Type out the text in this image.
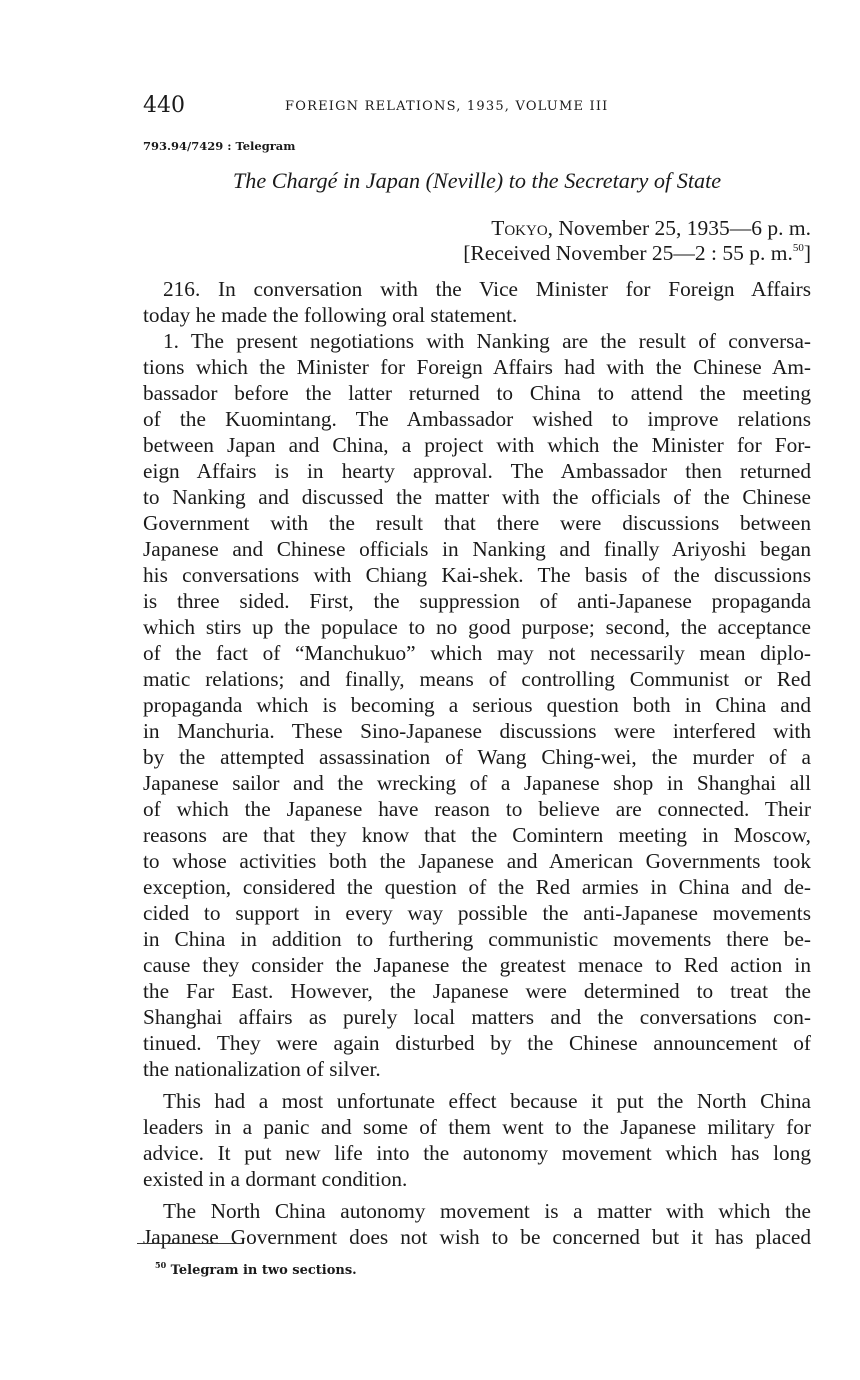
440	FOREIGN RELATIONS, 1935, VOLUME III
793.94/7429 : Telegram
The Chargé in Japan (Neville) to the Secretary of State
Tokyo, November 25, 1935—6 p. m.
[Received November 25—2 : 55 p. m.$^{50}$]
216. In conversation with the Vice Minister for Foreign Affairs
today he made the following oral statement.
1. The present negotiations with Nanking are the result of conversa-
tions which the Minister for Foreign Affairs had with the Chinese Am-
bassador before the latter returned to China to attend the meeting
of the Kuomintang. The Ambassador wished to improve relations
between Japan and China, a project with which the Minister for For-
eign Affairs is in hearty approval. The Ambassador then returned
to Nanking and discussed the matter with the officials of the Chinese
Government with the result that there were discussions between
Japanese and Chinese officials in Nanking and finally Ariyoshi began
his conversations with Chiang Kai-shek. The basis of the discussions
is three sided. First, the suppression of anti-Japanese propaganda
which stirs up the populace to no good purpose; second, the acceptance
of the fact of “Manchukuo” which may not necessarily mean diplo-
matic relations; and finally, means of controlling Communist or Red
propaganda which is becoming a serious question both in China and
in Manchuria. These Sino-Japanese discussions were interfered with
by the attempted assassination of Wang Ching-wei, the murder of a
Japanese sailor and the wrecking of a Japanese shop in Shanghai all
of which the Japanese have reason to believe are connected. Their
reasons are that they know that the Comintern meeting in Moscow,
to whose activities both the Japanese and American Governments took
exception, considered the question of the Red armies in China and de-
cided to support in every way possible the anti-Japanese movements
in China in addition to furthering communistic movements there be-
cause they consider the Japanese the greatest menace to Red action in
the Far East. However, the Japanese were determined to treat the
Shanghai affairs as purely local matters and the conversations con-
tinued. They were again disturbed by the Chinese announcement of
the nationalization of silver.
This had a most unfortunate effect because it put the North China
leaders in a panic and some of them went to the Japanese military for
advice. It put new life into the autonomy movement which has long
existed in a dormant condition.
The North China autonomy movement is a matter with which the
Japanese Government does not wish to be concerned but it has placed
$^{50}$ Telegram in two sections.
